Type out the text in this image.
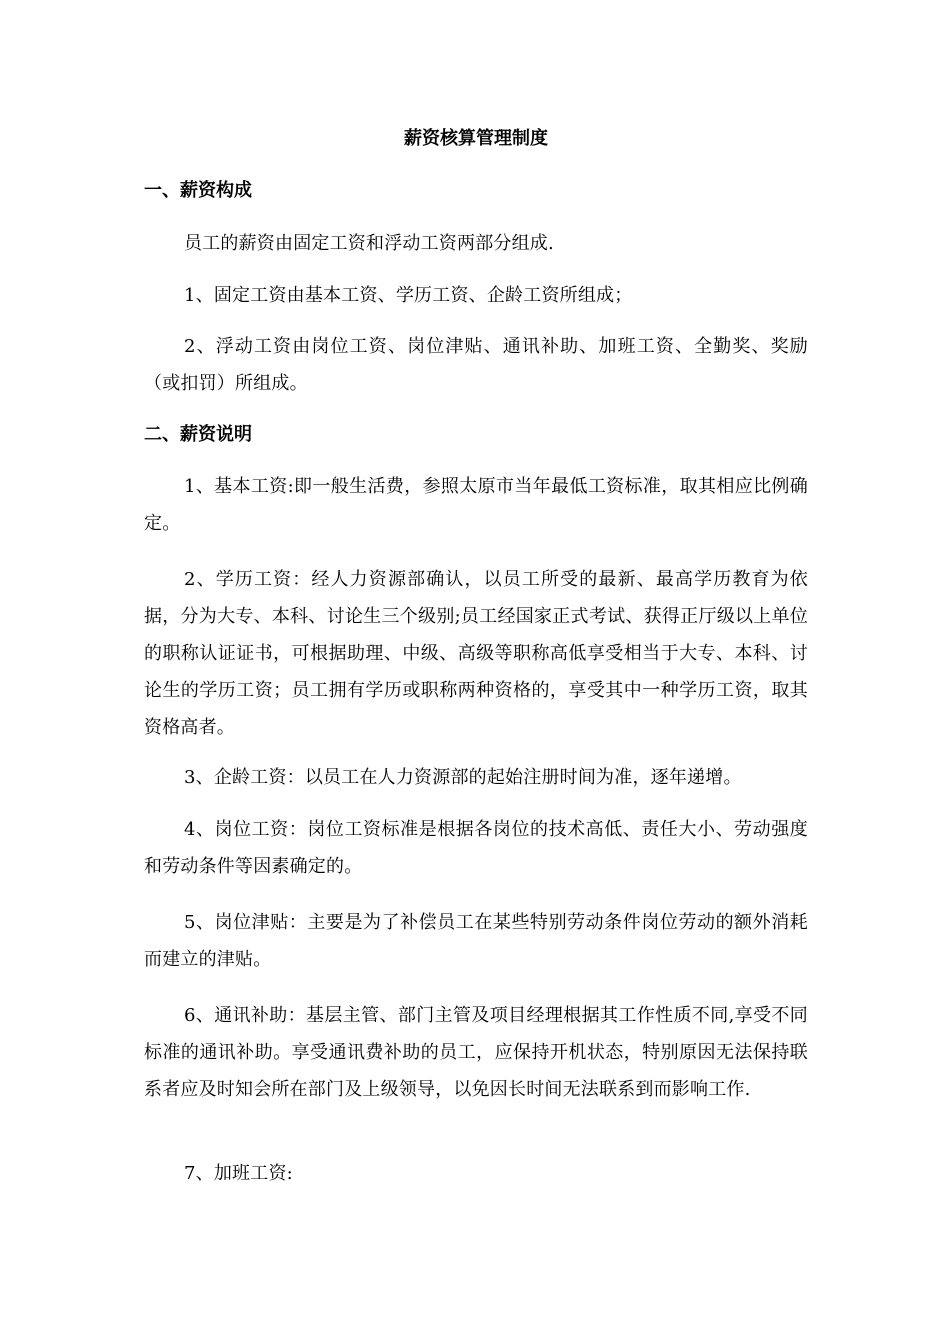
薪资核算管理制度
一、薪资构成
员工的薪资由固定工资和浮动工资两部分组成.
1、固定工资由基本工资、学历工资、企龄工资所组成；
2、浮动工资由岗位工资、岗位津贴、通讯补助、加班工资、全勤奖、奖励（或扣罚）所组成。
二、薪资说明
1、基本工资:即一般生活费，参照太原市当年最低工资标准，取其相应比例确定。
2、学历工资：经人力资源部确认，以员工所受的最新、最高学历教育为依据，分为大专、本科、讨论生三个级别;员工经国家正式考试、获得正厅级以上单位的职称认证证书，可根据助理、中级、高级等职称高低享受相当于大专、本科、讨论生的学历工资；员工拥有学历或职称两种资格的，享受其中一种学历工资，取其资格高者。
3、企龄工资：以员工在人力资源部的起始注册时间为准，逐年递增。
4、岗位工资：岗位工资标准是根据各岗位的技术高低、责任大小、劳动强度和劳动条件等因素确定的。
5、岗位津贴：主要是为了补偿员工在某些特别劳动条件岗位劳动的额外消耗而建立的津贴。
6、通讯补助：基层主管、部门主管及项目经理根据其工作性质不同,享受不同标准的通讯补助。享受通讯费补助的员工，应保持开机状态，特别原因无法保持联系者应及时知会所在部门及上级领导，以免因长时间无法联系到而影响工作.
7、加班工资:
